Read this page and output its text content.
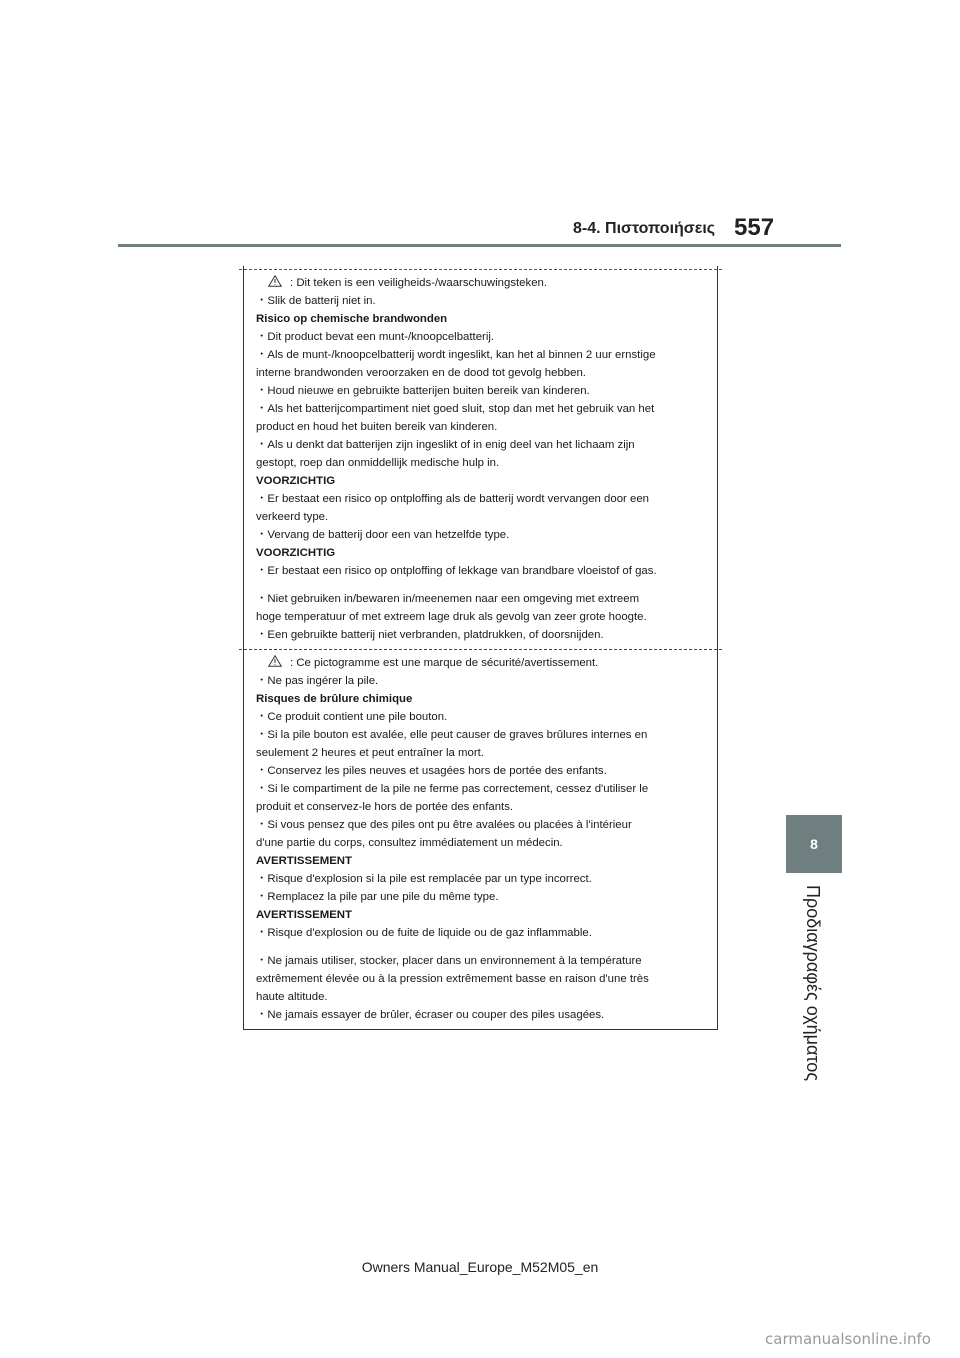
8-4. Πιστοποιήσεις 557
8
Προδιαγραφές οχήματος
: Dit teken is een veiligheids-/waarschuwingsteken.
・Slik de batterij niet in.
Risico op chemische brandwonden
・Dit product bevat een munt-/knoopcelbatterij.
・Als de munt-/knoopcelbatterij wordt ingeslikt, kan het al binnen 2 uur ernstige
interne brandwonden veroorzaken en de dood tot gevolg hebben.
・Houd nieuwe en gebruikte batterijen buiten bereik van kinderen.
・Als het batterijcompartiment niet goed sluit, stop dan met het gebruik van het
product en houd het buiten bereik van kinderen.
・Als u denkt dat batterijen zijn ingeslikt of in enig deel van het lichaam zijn
gestopt, roep dan onmiddellijk medische hulp in.
VOORZICHTIG
・Er bestaat een risico op ontploffing als de batterij wordt vervangen door een
verkeerd type.
・Vervang de batterij door een van hetzelfde type.
VOORZICHTIG
・Er bestaat een risico op ontploffing of lekkage van brandbare vloeistof of gas.
・Niet gebruiken in/bewaren in/meenemen naar een omgeving met extreem
hoge temperatuur of met extreem lage druk als gevolg van zeer grote hoogte.
・Een gebruikte batterij niet verbranden, platdrukken, of doorsnijden.
: Ce pictogramme est une marque de sécurité/avertissement.
・Ne pas ingérer la pile.
Risques de brûlure chimique
・Ce produit contient une pile bouton.
・Si la pile bouton est avalée, elle peut causer de graves brûlures internes en
seulement 2 heures et peut entraîner la mort.
・Conservez les piles neuves et usagées hors de portée des enfants.
・Si le compartiment de la pile ne ferme pas correctement, cessez d'utiliser le
produit et conservez-le hors de portée des enfants.
・Si vous pensez que des piles ont pu être avalées ou placées à l'intérieur
d'une partie du corps, consultez immédiatement un médecin.
AVERTISSEMENT
・Risque d'explosion si la pile est remplacée par un type incorrect.
・Remplacez la pile par une pile du même type.
AVERTISSEMENT
・Risque d'explosion ou de fuite de liquide ou de gaz inflammable.
・Ne jamais utiliser, stocker, placer dans un environnement à la température
extrêmement élevée ou à la pression extrêmement basse en raison d'une très
haute altitude.
・Ne jamais essayer de brûler, écraser ou couper des piles usagées.
Owners Manual_Europe_M52M05_en
carmanualsonline.info
